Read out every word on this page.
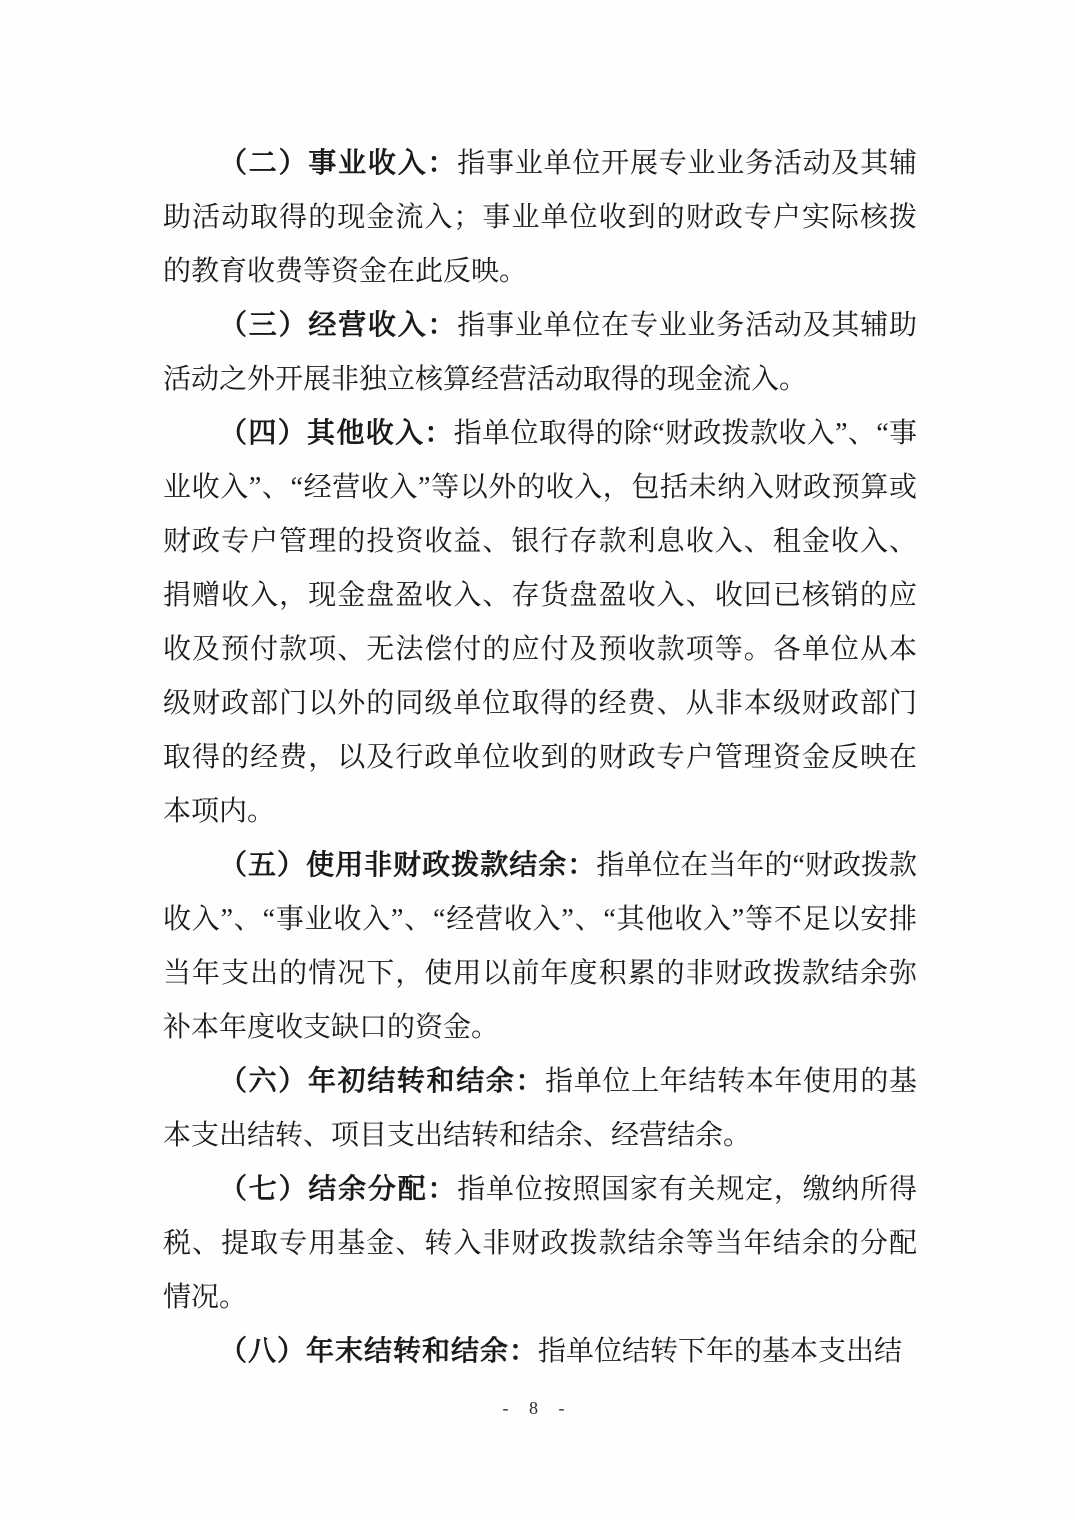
（二）事业收入：指事业单位开展专业业务活动及其辅助活动取得的现金流入；事业单位收到的财政专户实际核拨的教育收费等资金在此反映。

（三）经营收入：指事业单位在专业业务活动及其辅助活动之外开展非独立核算经营活动取得的现金流入。

（四）其他收入：指单位取得的除“财政拨款收入”、“事业收入”、“经营收入”等以外的收入，包括未纳入财政预算或财政专户管理的投资收益、银行存款利息收入、租金收入、捐赠收入，现金盘盈收入、存货盘盈收入、收回已核销的应收及预付款项、无法偿付的应付及预收款项等。各单位从本级财政部门以外的同级单位取得的经费、从非本级财政部门取得的经费，以及行政单位收到的财政专户管理资金反映在本项内。

（五）使用非财政拨款结余：指单位在当年的“财政拨款收入”、“事业收入”、“经营收入”、“其他收入”等不足以安排当年支出的情况下，使用以前年度积累的非财政拨款结余弥补本年度收支缺口的资金。

（六）年初结转和结余：指单位上年结转本年使用的基本支出结转、项目支出结转和结余、经营结余。

（七）结余分配：指单位按照国家有关规定，缴纳所得税、提取专用基金、转入非财政拨款结余等当年结余的分配情况。

（八）年末结转和结余：指单位结转下年的基本支出结

- 8 -
